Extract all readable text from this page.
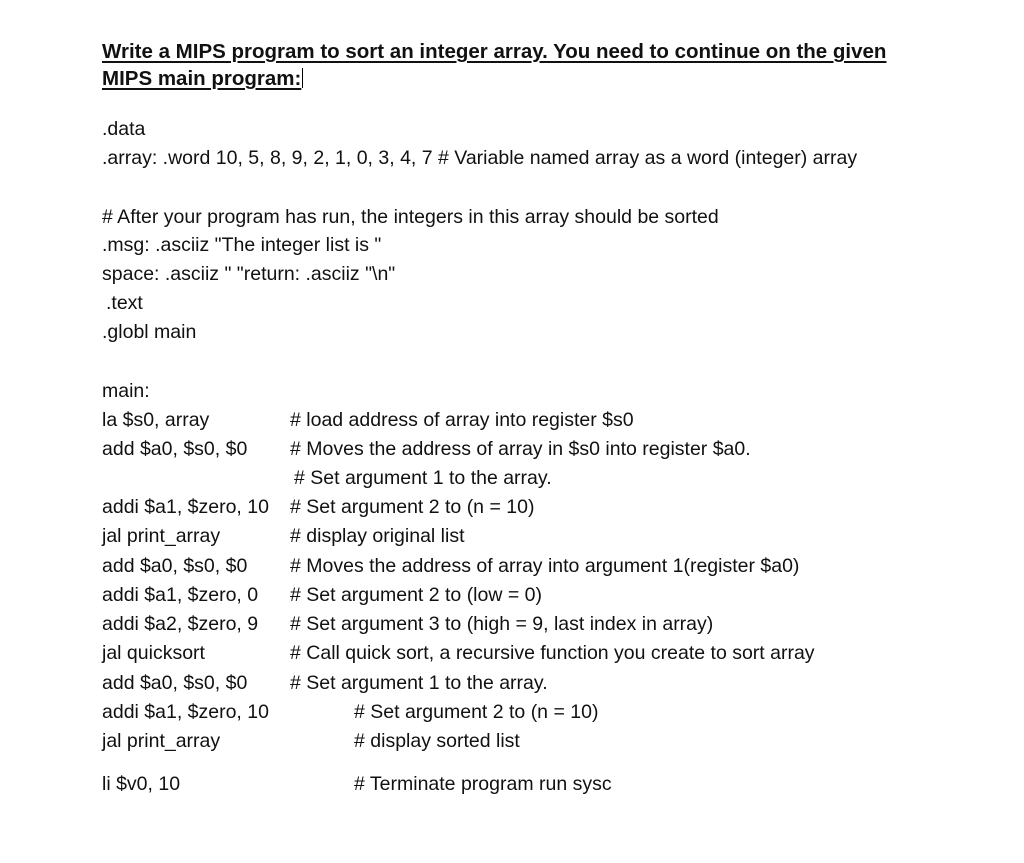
Write a MIPS program to sort an integer array. You need to continue on the given
MIPS main program:
.data
.array: .word 10, 5, 8, 9, 2, 1, 0, 3, 4, 7 # Variable named array as a word (integer) array
# After your program has run, the integers in this array should be sorted
.msg: .asciiz "The integer list is "
space: .asciiz " "return: .asciiz "\n"
.text
.globl main
main:
la $s0, array	# load address of array into register $s0
add $a0, $s0, $0 # Moves the address of array in $s0 into register $a0.
# Set argument 1 to the array.
addi $a1, $zero, 10 # Set argument 2 to (n = 10)
jal print_array	# display original list
add $a0, $s0, $0 # Moves the address of array into argument 1(register $a0)
addi $a1, $zero, 0 # Set argument 2 to (low = 0)
addi $a2, $zero, 9 # Set argument 3 to (high = 9, last index in array)
jal quicksort	# Call quick sort, a recursive function you create to sort array
add $a0, $s0, $0 # Set argument 1 to the array.
addi $a1, $zero, 10	# Set argument 2 to (n = 10)
jal print_array	# display sorted list
li $v0, 10	# Terminate program run sysc
